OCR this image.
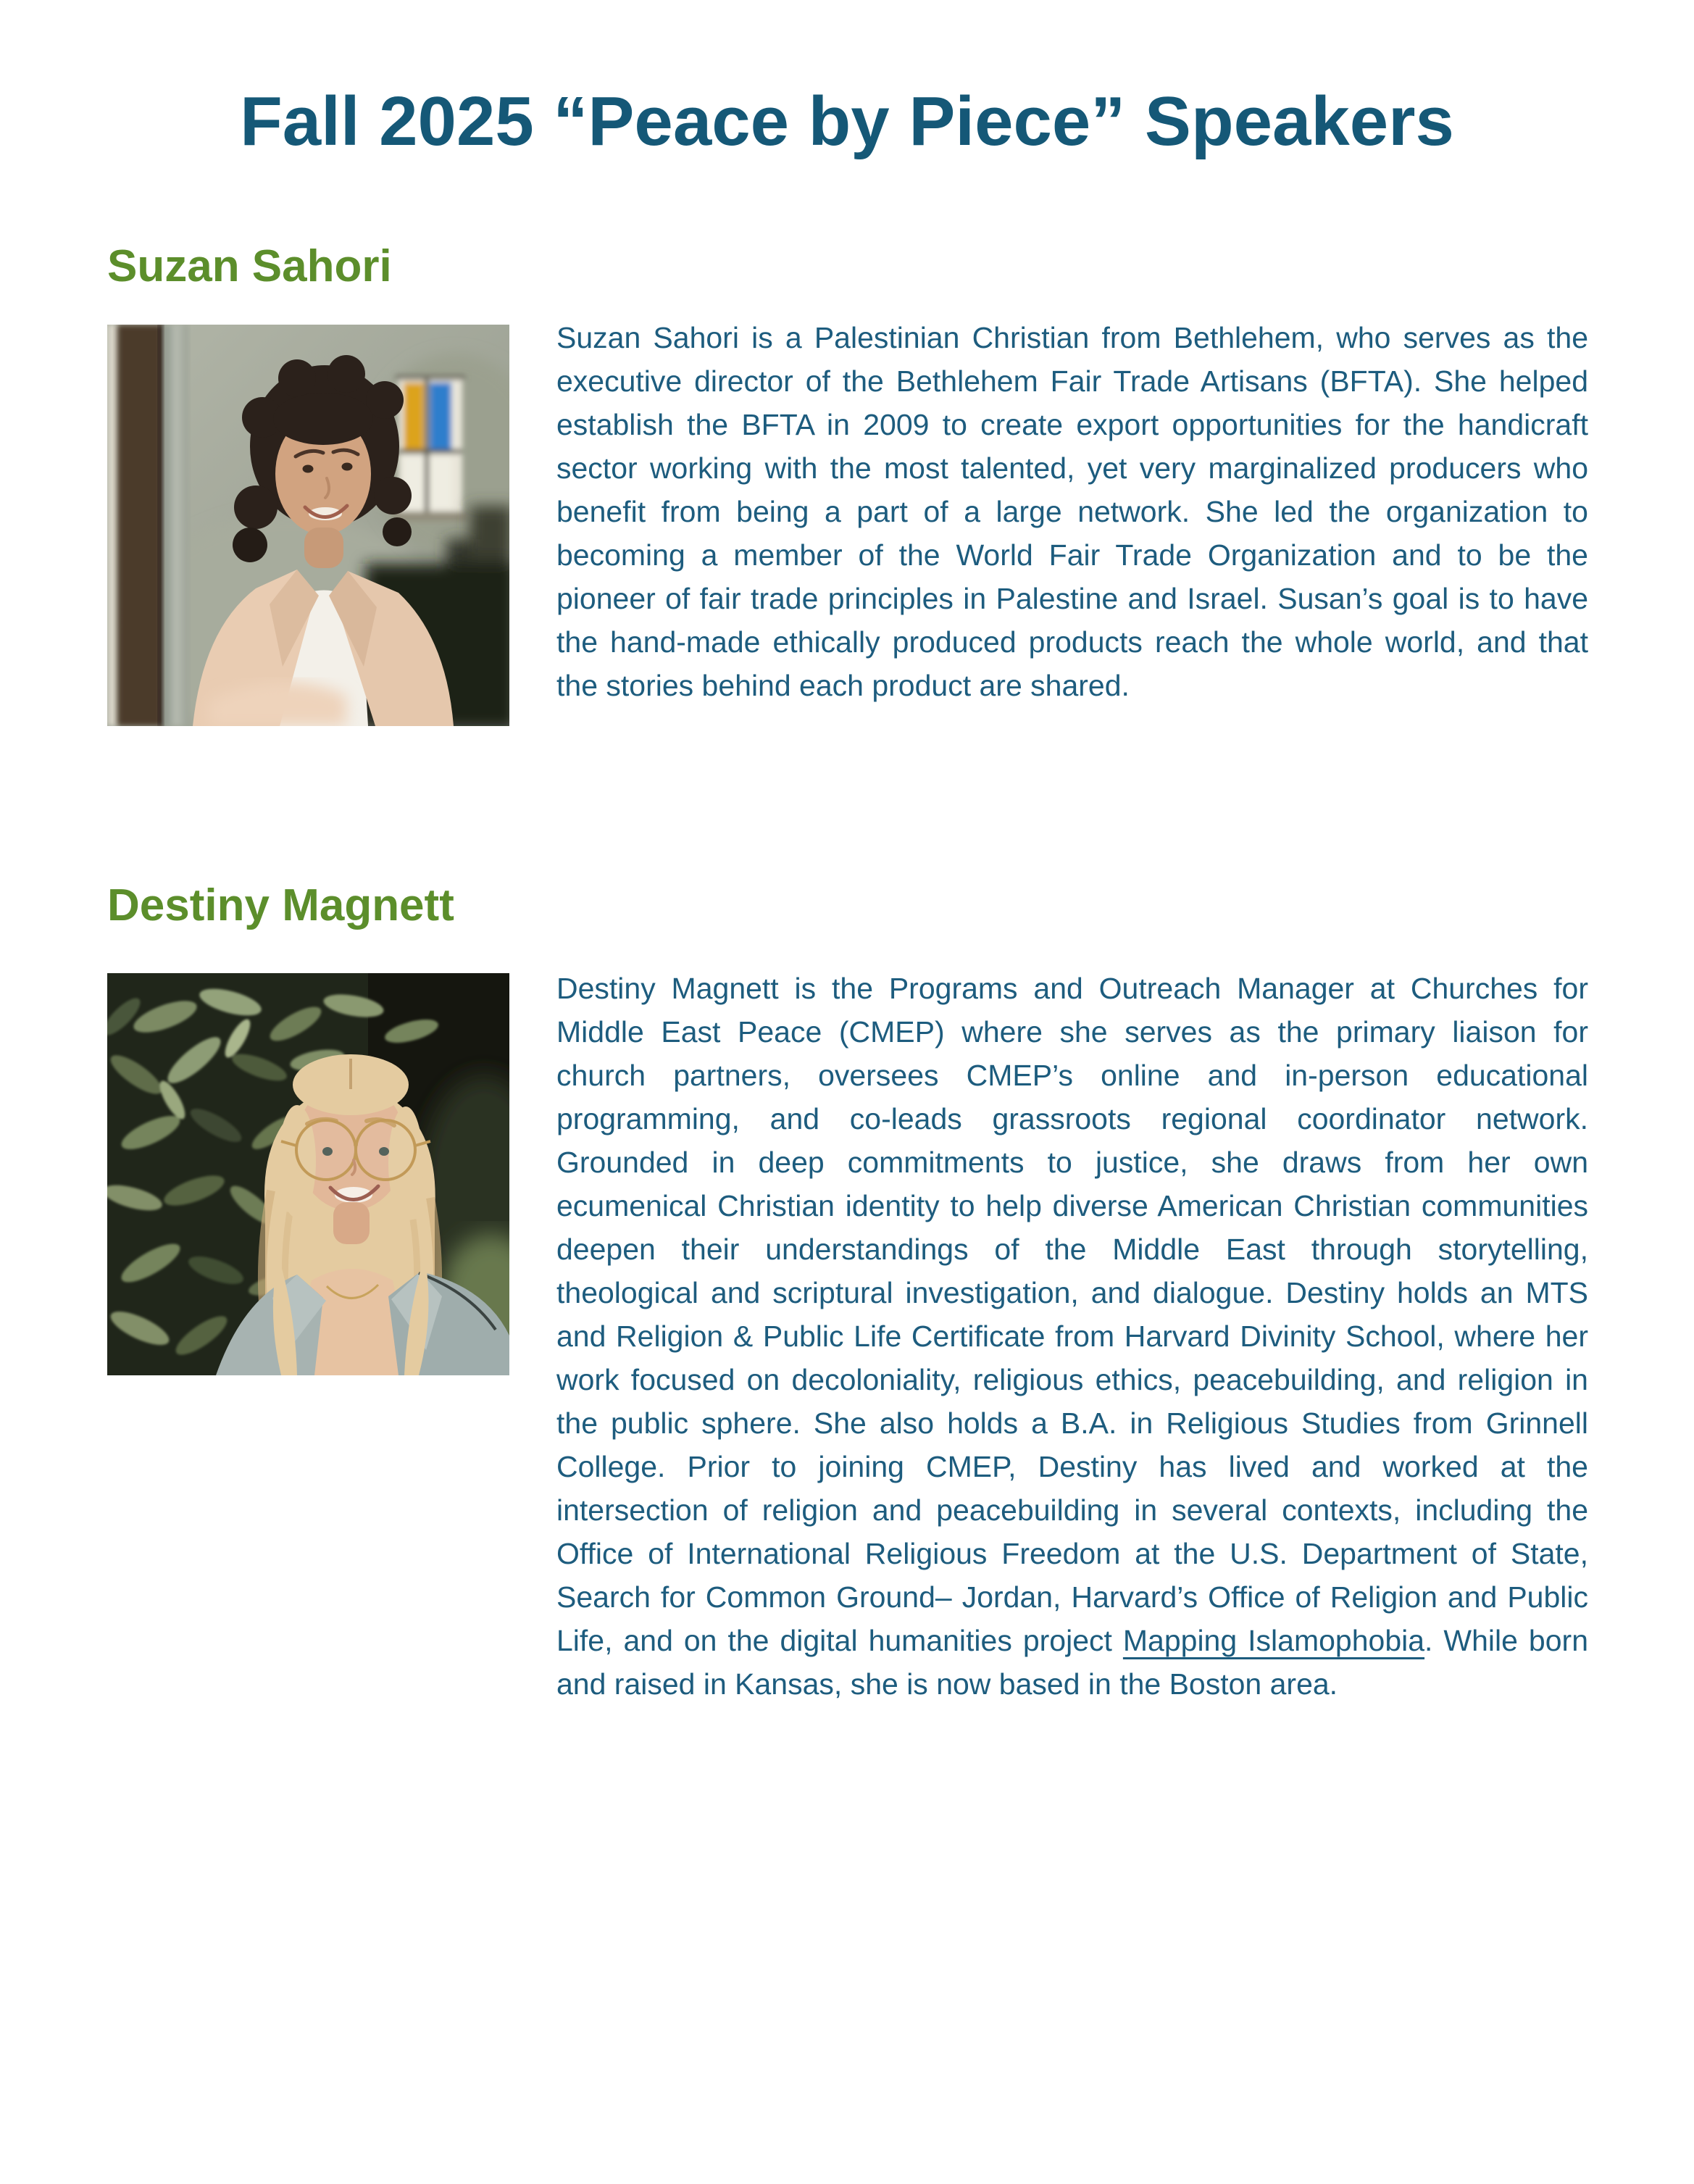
Fall 2025 “Peace by Piece” Speakers
Suzan Sahori

Suzan Sahori is a Palestinian Christian from Bethlehem, who serves as the executive director of the Bethlehem Fair Trade Artisans (BFTA). She helped establish the BFTA in 2009 to create export opportunities for the handicraft sector working with the most talented, yet very marginalized producers who benefit from being a part of a large network. She led the organization to becoming a member of the World Fair Trade Organization and to be the pioneer of fair trade principles in Palestine and Israel. Susan’s goal is to have the hand-made ethically produced products reach the whole world, and that the stories behind each product are shared.

Destiny Magnett

Destiny Magnett is the Programs and Outreach Manager at Churches for Middle East Peace (CMEP) where she serves as the primary liaison for church partners, oversees CMEP’s online and in-person educational programming, and co-leads grassroots regional coordinator network. Grounded in deep commitments to justice, she draws from her own ecumenical Christian identity to help diverse American Christian communities deepen their understandings of the Middle East through storytelling, theological and scriptural investigation, and dialogue. Destiny holds an MTS and Religion & Public Life Certificate from Harvard Divinity School, where her work focused on decoloniality, religious ethics, peacebuilding, and religion in the public sphere. She also holds a B.A. in Religious Studies from Grinnell College. Prior to joining CMEP, Destiny has lived and worked at the intersection of religion and peacebuilding in several contexts, including the Office of International Religious Freedom at the U.S. Department of State, Search for Common Ground– Jordan, Harvard’s Office of Religion and Public Life, and on the digital humanities project Mapping Islamophobia. While born and raised in Kansas, she is now based in the Boston area.
